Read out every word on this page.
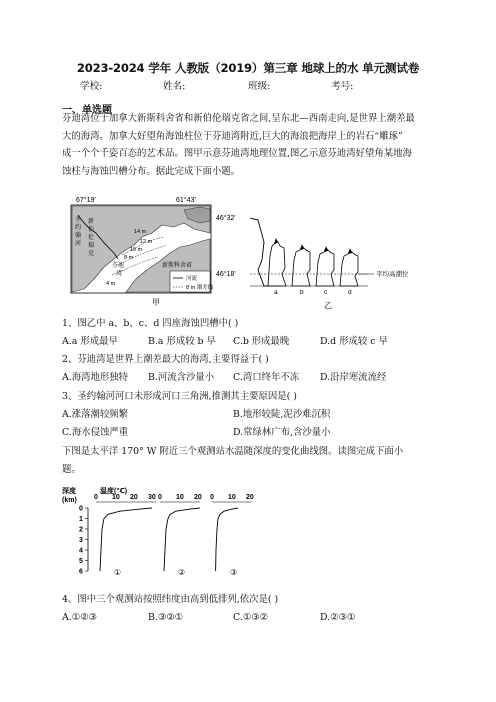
2023-2024 学年 人教版（2019）第三章 地球上的水 单元测试卷
学校:	姓名:	班级:	考号:
一、单选题
芬迪湾位于加拿大新斯科舍省和新伯伦瑞克省之间,呈东北—西南走向,是世界上潮差最
大的海湾。加拿大好望角海蚀柱位于芬迪湾附近,巨大的海浪把海岸上的岩石“雕琢”
成一个个千姿百态的艺术品。图甲示意芬迪湾地理位置,图乙示意芬迪湾好望角某地海
蚀柱与海蚀凹槽分布。据此完成下面小题。
67°19′	61°43′
圣
约
翰
河
新
伯
伦
瑞
克
14 m
12 m
10 m
8 m
芬迪
湾
4 m
新斯科舍省
河流
8 m 潮差线
46°32′
46°18′
甲
平均高潮位
a	b	c	d
乙
1、图乙中 a、b、c、d 四座海蚀凹槽中( )
A.a 形成最早	B.a 形成较 b 早 C.b 形成最晚	D.d 形成较 c 早
2、芬迪湾是世界上潮差最大的海湾,主要得益于( )
A.海湾地形独特 B.河流含沙量小 C.湾口终年不冻 D.沿岸寒流流经
3、圣约翰河河口未形成河口三角洲,推测其主要原因是( )
A.涨落潮较频繁	B.地形较陡,泥沙难沉积
C.海水侵蚀严重	D.常绿林广布,含沙量小
下图是太平洋 170° W 附近三个观测站水温随深度的变化曲线图。读图完成下面小
题。
深度
(km)
温度(℃)
0
1
2
3
4
5
6
0 10 20 30
①
0 10 20
②
0 10 20
③
4、图中三个观测站按照纬度由高到低排列,依次是( )
A.①②③	B.③②①	C.①③②	D.②③①
